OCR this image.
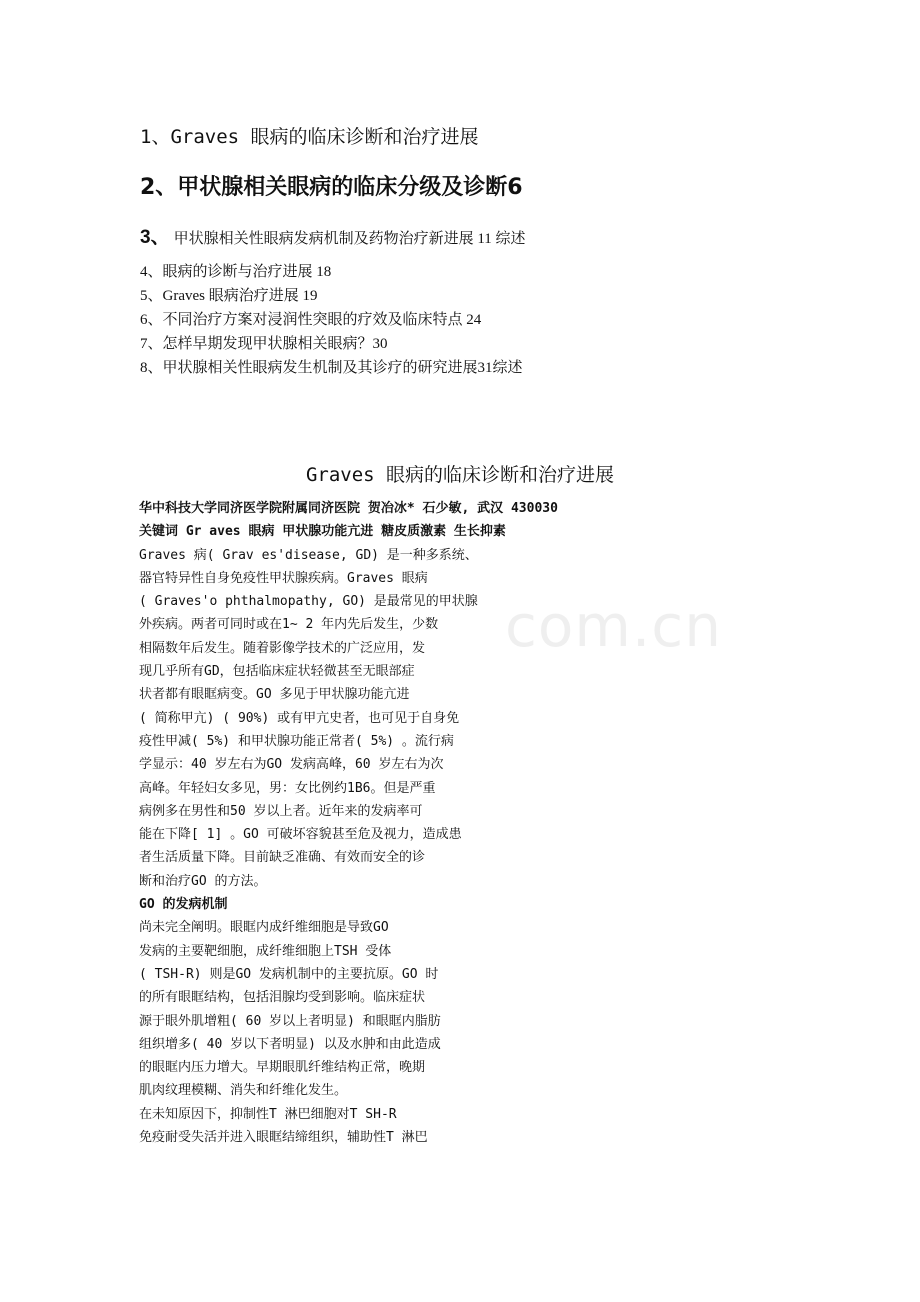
1、Graves 眼病的临床诊断和治疗进展
2、甲状腺相关眼病的临床分级及诊断6
3、 甲状腺相关性眼病发病机制及药物治疗新进展 11 综述
4、眼病的诊断与治疗进展 18
5、Graves 眼病治疗进展 19
6、不同治疗方案对浸润性突眼的疗效及临床特点 24
7、怎样早期发现甲状腺相关眼病？30
8、甲状腺相关性眼病发生机制及其诊疗的研究进展31综述
Graves 眼病的临床诊断和治疗进展
com.cn
华中科技大学同济医学院附属同济医院 贺冶冰* 石少敏, 武汉 430030
关键词 Gr aves 眼病 甲状腺功能亢进 糖皮质激素 生长抑素
Graves 病( Grav es'disease, GD) 是一种多系统、
器官特异性自身免疫性甲状腺疾病。Graves 眼病
( Graves'o phthalmopathy, GO) 是最常见的甲状腺
外疾病。两者可同时或在1~ 2 年内先后发生，少数
相隔数年后发生。随着影像学技术的广泛应用，发
现几乎所有GD，包括临床症状轻微甚至无眼部症
状者都有眼眶病变。GO 多见于甲状腺功能亢进
( 简称甲亢) ( 90%) 或有甲亢史者，也可见于自身免
疫性甲减( 5%) 和甲状腺功能正常者( 5%) 。流行病
学显示：40 岁左右为GO 发病高峰，60 岁左右为次
高峰。年轻妇女多见，男：女比例约1B6。但是严重
病例多在男性和50 岁以上者。近年来的发病率可
能在下降[ 1] 。GO 可破坏容貌甚至危及视力，造成患
者生活质量下降。目前缺乏准确、有效而安全的诊
断和治疗GO 的方法。
GO 的发病机制
尚未完全阐明。眼眶内成纤维细胞是导致GO
发病的主要靶细胞，成纤维细胞上TSH 受体
( TSH-R) 则是GO 发病机制中的主要抗原。GO 时
的所有眼眶结构，包括泪腺均受到影响。临床症状
源于眼外肌增粗( 60 岁以上者明显) 和眼眶内脂肪
组织增多( 40 岁以下者明显) 以及水肿和由此造成
的眼眶内压力增大。早期眼肌纤维结构正常，晚期
肌肉纹理模糊、消失和纤维化发生。
在未知原因下，抑制性T 淋巴细胞对T SH-R
免疫耐受失活并进入眼眶结缔组织，辅助性T 淋巴
